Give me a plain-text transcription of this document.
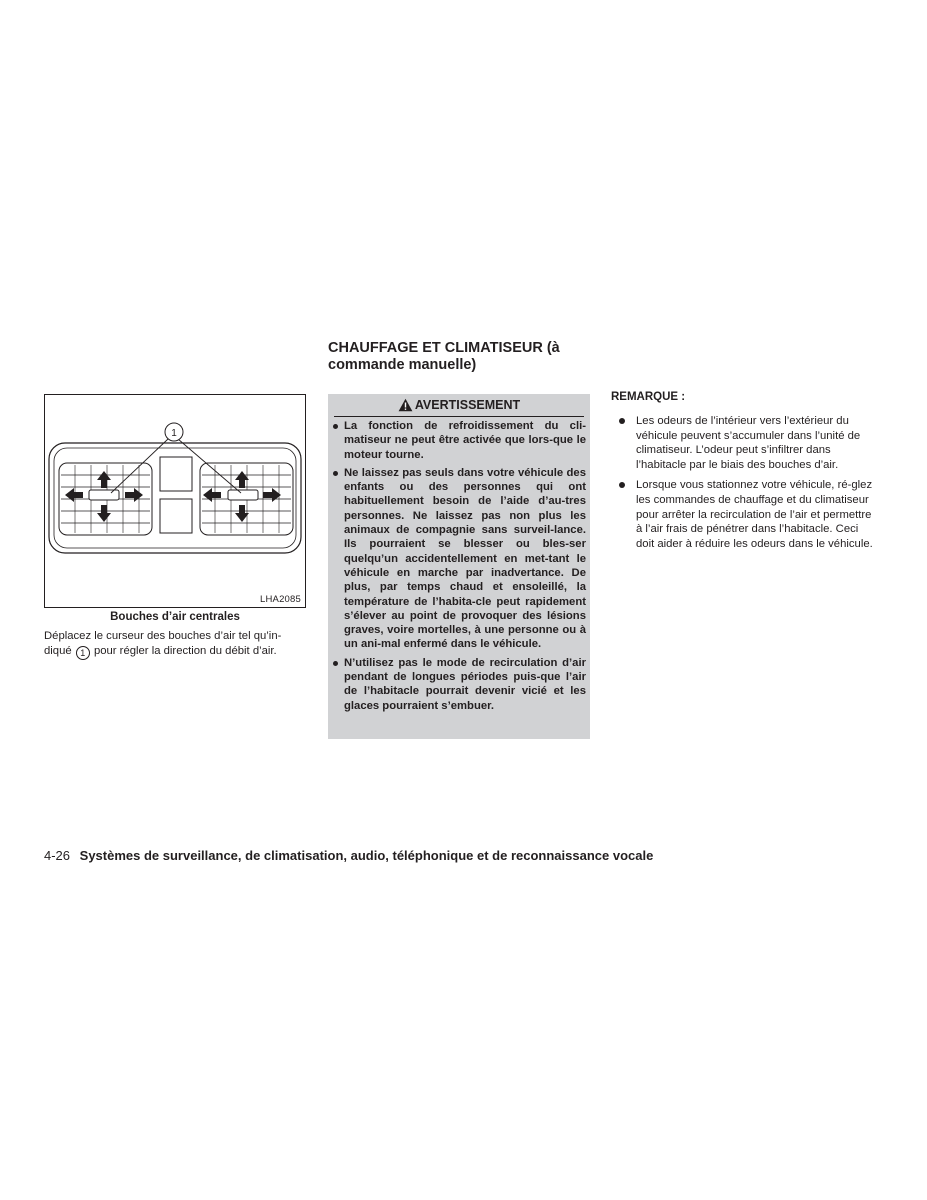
CHAUFFAGE ET CLIMATISEUR (à
commande manuelle)
1
LHA2085
Bouches d’air centrales
Déplacez le curseur des bouches d’air tel qu’in-diqué 1 pour régler la direction du débit d’air.
AVERTISSEMENT
La fonction de refroidissement du cli-matiseur ne peut être activée que lors-que le moteur tourne.
Ne laissez pas seuls dans votre véhicule des enfants ou des personnes qui ont habituellement besoin de l’aide d’au-tres personnes. Ne laissez pas non plus les animaux de compagnie sans surveil-lance. Ils pourraient se blesser ou bles-ser quelqu’un accidentellement en met-tant le véhicule en marche par inadvertance. De plus, par temps chaud et ensoleillé, la température de l’habita-cle peut rapidement s’élever au point de provoquer des lésions graves, voire mortelles, à une personne ou à un ani-mal enfermé dans le véhicule.
N’utilisez pas le mode de recirculation d’air pendant de longues périodes puis-que l’air de l’habitacle pourrait devenir vicié et les glaces pourraient s’embuer.
REMARQUE :
Les odeurs de l’intérieur vers l’extérieur du véhicule peuvent s’accumuler dans l’unité de climatiseur. L’odeur peut s’infiltrer dans l’habitacle par le biais des bouches d’air.
Lorsque vous stationnez votre véhicule, ré-glez les commandes de chauffage et du climatiseur pour arrêter la recirculation de l’air et permettre à l’air frais de pénétrer dans l’habitacle. Ceci doit aider à réduire les odeurs dans le véhicule.
4-26 Systèmes de surveillance, de climatisation, audio, téléphonique et de reconnaissance vocale
